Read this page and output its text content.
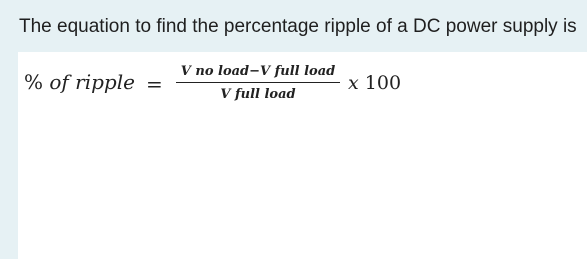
The equation to find the percentage ripple of a DC power supply is
% of ripple =
V no load−V full load
V full load
x 100
